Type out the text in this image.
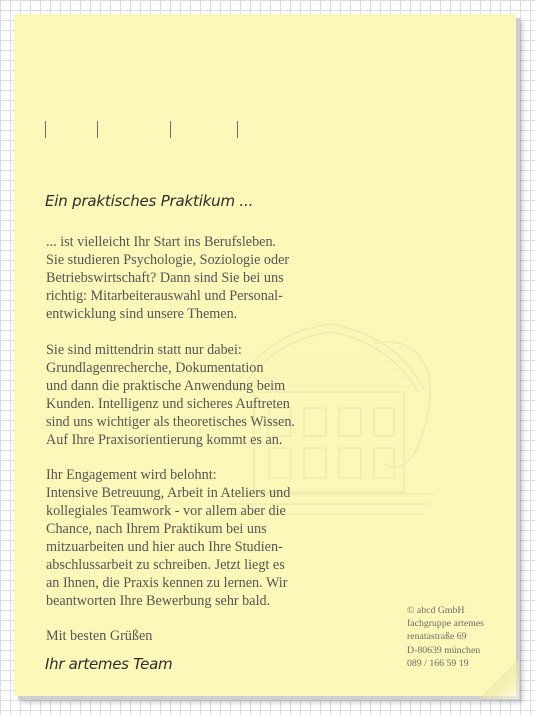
Ein praktisches Praktikum ...

... ist vielleicht Ihr Start ins Berufsleben.
Sie studieren Psychologie, Soziologie oder
Betriebswirtschaft? Dann sind Sie bei uns
richtig: Mitarbeiterauswahl und Personal-
entwicklung sind unsere Themen.

Sie sind mittendrin statt nur dabei:
Grundlagenrecherche, Dokumentation
und dann die praktische Anwendung beim
Kunden. Intelligenz und sicheres Auftreten
sind uns wichtiger als theoretisches Wissen.
Auf Ihre Praxisorientierung kommt es an.

Ihr Engagement wird belohnt:
Intensive Betreuung, Arbeit in Ateliers und
kollegiales Teamwork - vor allem aber die
Chance, nach Ihrem Praktikum bei uns
mitzuarbeiten und hier auch Ihre Studien-
abschlussarbeit zu schreiben. Jetzt liegt es
an Ihnen, die Praxis kennen zu lernen. Wir
beantworten Ihre Bewerbung sehr bald.

Mit besten Grüßen
Ihr artemes Team
© abcd GmbH
fachgruppe artemes
renatastraße 69
D-80639 münchen
089 / 166 59 19
